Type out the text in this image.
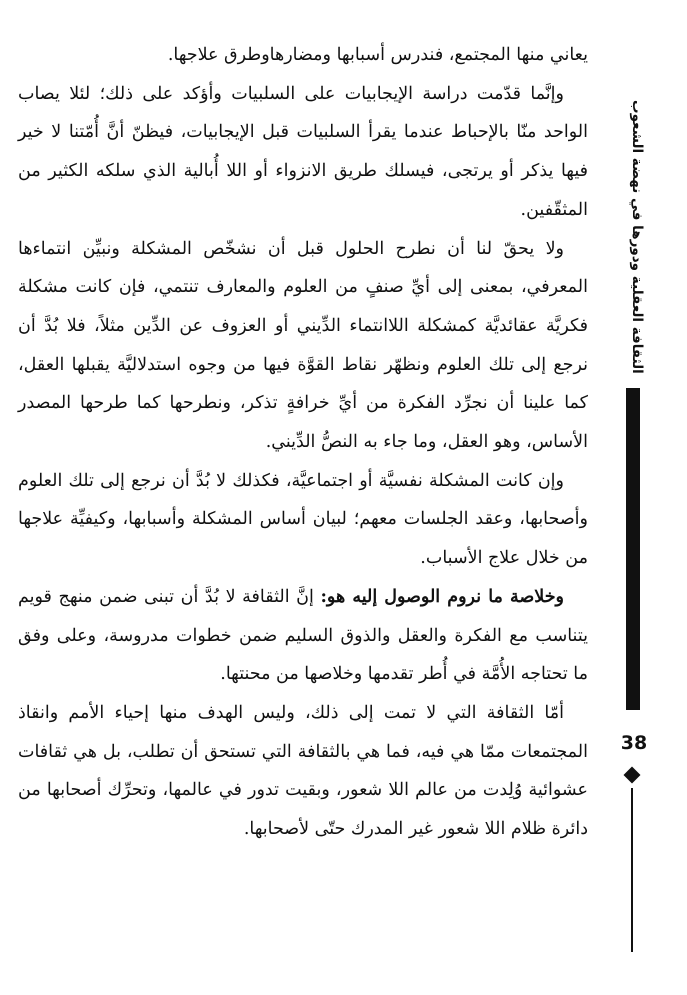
يعاني منها المجتمع، فندرس أسبابها ومضارهاوطرق علاجها.

وإنَّما قدّمت دراسة الإيجابيات على السلبيات وأؤكد على ذلك؛ لئلا يصاب الواحد منّا بالإحباط عندما يقرأ السلبيات قبل الإيجابيات، فيظنّ أنَّ أُمّتنا لا خير فيها يذكر أو يرتجى، فيسلك طريق الانزواء أو اللا أُبالية الذي سلكه الكثير من المثقّفين.

ولا يحقّ لنا أن نطرح الحلول قبل أن نشخّص المشكلة ونبيِّن انتماءها المعرفي، بمعنى إلى أيِّ صنفٍ من العلوم والمعارف تنتمي، فإن كانت مشكلة فكريَّة عقائديَّة كمشكلة اللاانتماء الدِّيني أو العزوف عن الدِّين مثلاً، فلا بُدَّ أن نرجع إلى تلك العلوم ونظهّر نقاط القوَّة فيها من وجوه استدلاليَّة يقبلها العقل، كما علينا أن نجرِّد الفكرة من أيِّ خرافةٍ تذكر، ونطرحها كما طرحها المصدر الأساس، وهو العقل، وما جاء به النصُّ الدِّيني.

وإن كانت المشكلة نفسيَّة أو اجتماعيَّة، فكذلك لا بُدَّ أن نرجع إلى تلك العلوم وأصحابها، وعقد الجلسات معهم؛ لبيان أساس المشكلة وأسبابها، وكيفيِّة علاجها من خلال علاج الأسباب.

وخلاصة ما نروم الوصول إليه هو: إنَّ الثقافة لا بُدَّ أن تبنى ضمن منهج قويم يتناسب مع الفكرة والعقل والذوق السليم ضمن خطوات مدروسة، وعلى وفق ما تحتاجه الأُمَّة في أُطر تقدمها وخلاصها من محنتها.

أمّا الثقافة التي لا تمت إلى ذلك، وليس الهدف منها إحياء الأمم وانقاذ المجتمعات ممّا هي فيه، فما هي بالثقافة التي تستحق أن تطلب، بل هي ثقافات عشوائية وُلِدت من عالم اللا شعور، وبقيت تدور في عالمها، وتحرِّك أصحابها من دائرة ظلام اللا شعور غير المدرك حتّى لأصحابها.

الثقافة العقلية ودورها في نهضة الشعوب
38
